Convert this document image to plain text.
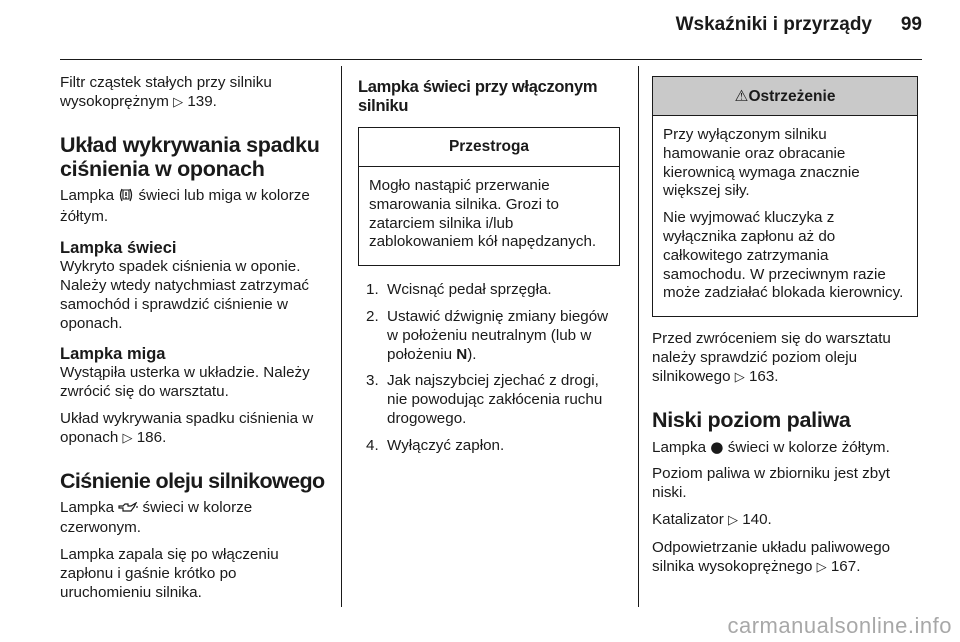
Wskaźniki i przyrządy 99

Filtr cząstek stałych przy silniku
wysokoprężnym ▷ 139.

Układ wykrywania spadku ciśnienia w oponach

Lampka  świeci lub miga w kolorze żółtym.

Lampka świeci

Wykryto spadek ciśnienia w oponie. Należy wtedy natychmiast zatrzymać samochód i sprawdzić ciśnienie w oponach.

Lampka miga

Wystąpiła usterka w układzie. Należy zwrócić się do warsztatu.

Układ wykrywania spadku ciśnienia w oponach ▷ 186.

Ciśnienie oleju silnikowego

Lampka  świeci w kolorze czerwonym.

Lampka zapala się po włączeniu zapłonu i gaśnie krótko po uruchomieniu silnika.

Lampka świeci przy włączonym silniku
Przestroga

Mogło nastąpić przerwanie smarowania silnika. Grozi to zatarciem silnika i/lub zablokowaniem kół napędzanych.

1. Wcisnąć pedał sprzęgła.
2. Ustawić dźwignię zmiany biegów w położeniu neutralnym (lub w położeniu N).
3. Jak najszybciej zjechać z drogi, nie powodując zakłócenia ruchu drogowego.
4. Wyłączyć zapłon.
⚠Ostrzeżenie

Przy wyłączonym silniku hamowanie oraz obracanie kierownicą wymaga znacznie większej siły.

Nie wyjmować kluczyka z wyłącznika zapłonu aż do całkowitego zatrzymania samochodu. W przeciwnym razie może zadziałać blokada kierownicy.

Przed zwróceniem się do warsztatu należy sprawdzić poziom oleju silnikowego ▷ 163.

Niski poziom paliwa

Lampka ● świeci w kolorze żółtym.

Poziom paliwa w zbiorniku jest zbyt niski.

Katalizator ▷ 140.

Odpowietrzanie układu paliwowego silnika wysokoprężnego ▷ 167.

carmanualsonline.info
